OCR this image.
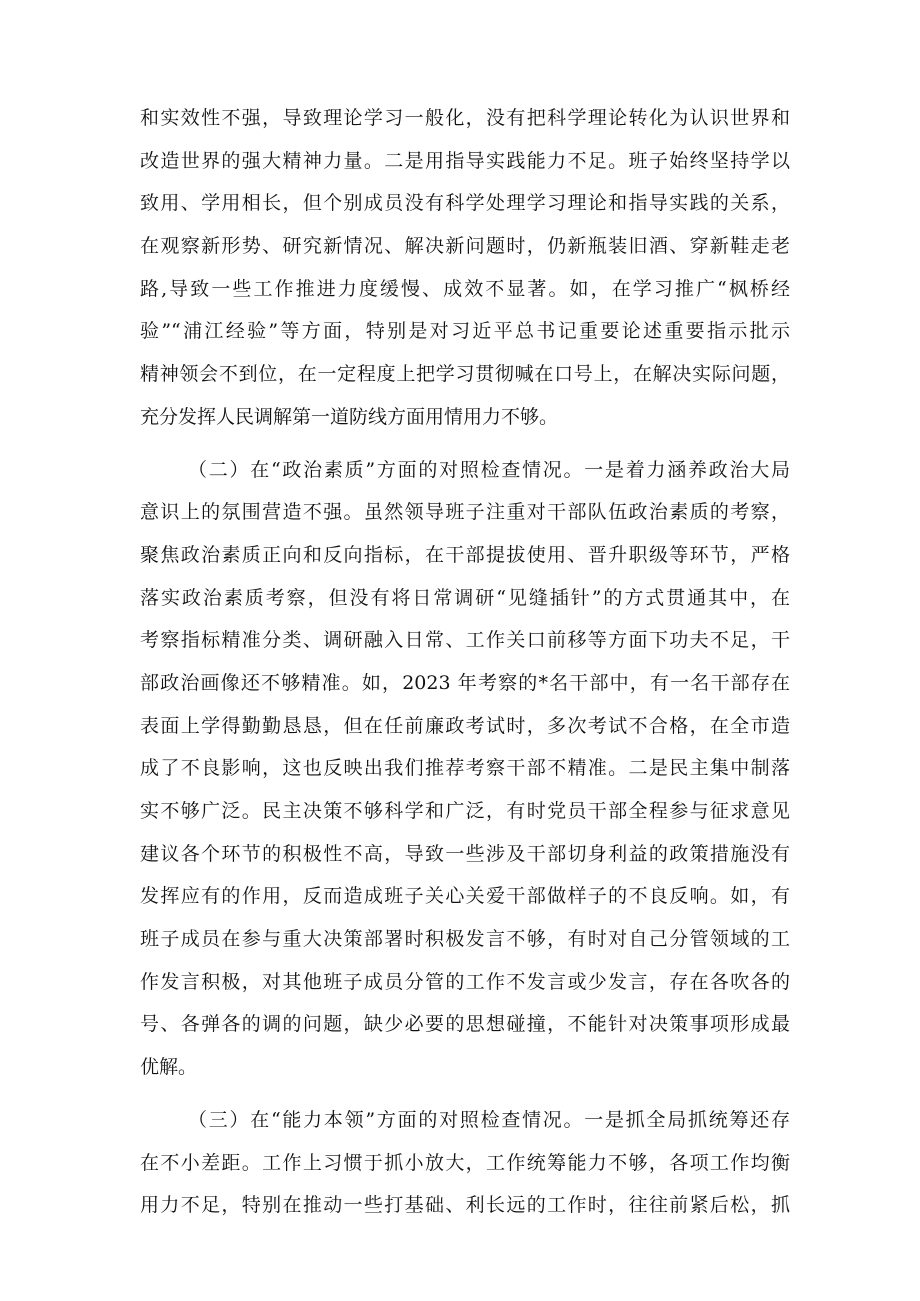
和实效性不强，导致理论学习一般化，没有把科学理论转化为认识世界和
改造世界的强大精神力量。二是用指导实践能力不足。班子始终坚持学以
致用、学用相长，但个别成员没有科学处理学习理论和指导实践的关系，
在观察新形势、研究新情况、解决新问题时，仍新瓶装旧酒、穿新鞋走老
路,导致一些工作推进力度缓慢、成效不显著。如，在学习推广“枫桥经
验”“浦江经验”等方面，特别是对习近平总书记重要论述重要指示批示
精神领会不到位，在一定程度上把学习贯彻喊在口号上，在解决实际问题，
充分发挥人民调解第一道防线方面用情用力不够。
（二）在“政治素质”方面的对照检查情况。一是着力涵养政治大局
意识上的氛围营造不强。虽然领导班子注重对干部队伍政治素质的考察，
聚焦政治素质正向和反向指标，在干部提拔使用、晋升职级等环节，严格
落实政治素质考察，但没有将日常调研“见缝插针”的方式贯通其中，在
考察指标精准分类、调研融入日常、工作关口前移等方面下功夫不足，干
部政治画像还不够精准。如，2023 年考察的*名干部中，有一名干部存在
表面上学得勤勤恳恳，但在任前廉政考试时，多次考试不合格，在全市造
成了不良影响，这也反映出我们推荐考察干部不精准。二是民主集中制落
实不够广泛。民主决策不够科学和广泛，有时党员干部全程参与征求意见
建议各个环节的积极性不高，导致一些涉及干部切身利益的政策措施没有
发挥应有的作用，反而造成班子关心关爱干部做样子的不良反响。如，有
班子成员在参与重大决策部署时积极发言不够，有时对自己分管领域的工
作发言积极，对其他班子成员分管的工作不发言或少发言，存在各吹各的
号、各弹各的调的问题，缺少必要的思想碰撞，不能针对决策事项形成最
优解。
（三）在“能力本领”方面的对照检查情况。一是抓全局抓统筹还存
在不小差距。工作上习惯于抓小放大，工作统筹能力不够，各项工作均衡
用力不足，特别在推动一些打基础、利长远的工作时，往往前紧后松，抓
